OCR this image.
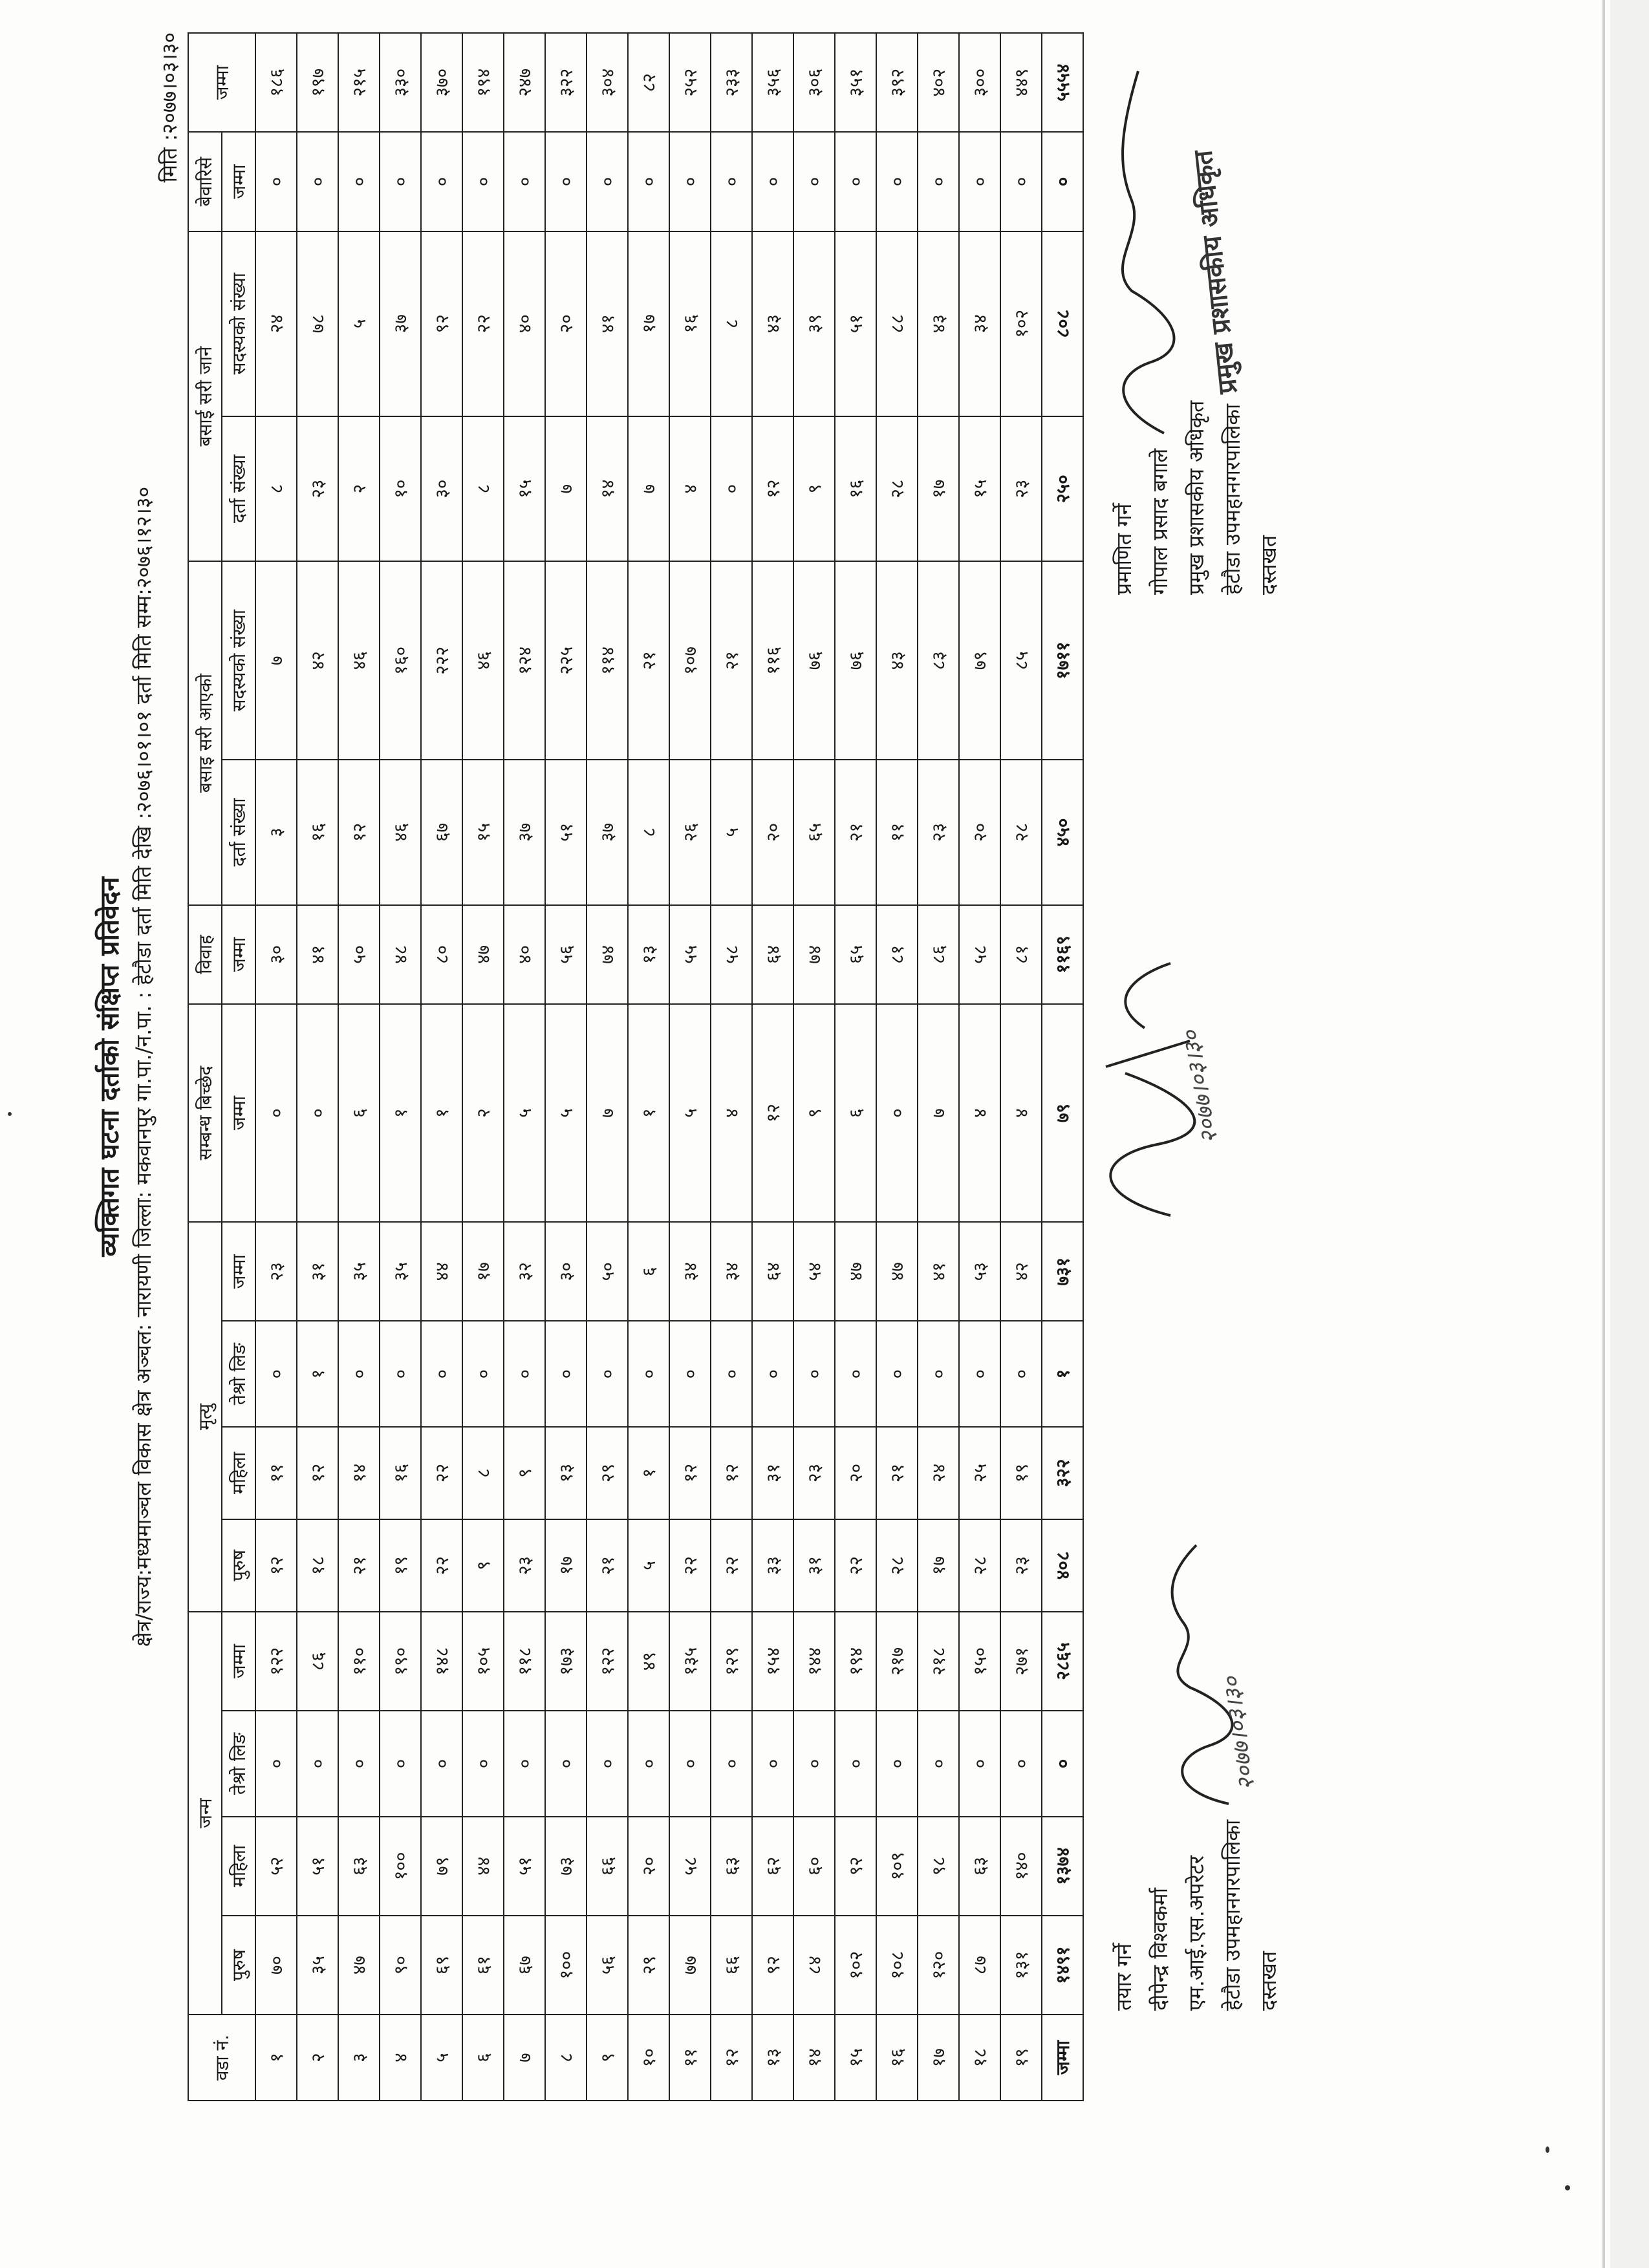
व्यक्तिगत घटना दर्ताको संक्षिप्त प्रतिवेदन क्षेत्र/राज्य:मध्यमाञ्चल विकास क्षेत्र अञ्चल: नारायणी जिल्ला: मकवानपुर गा.पा./न.पा. : हेटौडा दर्ता मिति देखि :२०७६।०१।०१ दर्ता मिति सम्म:२०७६।१२।३०
मिति :२०७७।०३।३०
वडा नं.	जन्म				मृत्यु				सम्बन्ध बिच्छेद	विवाह	बसाइ सरी आएको		बसाई सरी जाने		बेवारिसे	जम्मा
	पुरुष	महिला	तेश्रो लिङ	जम्मा	पुरुष	महिला	तेश्रो लिङ	जम्मा	जम्मा	जम्मा	दर्ता संख्या	सदस्यको संख्या	दर्ता संख्या	सदस्यको संख्या	जम्मा	
१	७०	५२	०	१२२	१२	११	०	२३	०	३०	३	७	८	२४	०	१८६
२	३५	५१	०	८६	१८	१२	१	३१	०	४१	१६	४२	२३	७८	०	१९७
३	४७	६३	०	११०	२१	१४	०	३५	६	५०	१२	४६	२	५	०	२१५
४	९०	१००	०	१९०	१९	१६	०	३५	१	४८	४६	१६०	१०	३७	०	३३०
५	६९	७९	०	१४८	२२	२२	०	४४	१	८०	६७	२२२	३०	९२	०	३७०
६	६१	४४	०	१०५	९	८	०	१७	२	४७	१५	४६	८	२२	०	१९४
७	६७	५१	०	११८	२३	९	०	३२	५	४०	३७	१२४	१५	४०	०	२४७
८	१००	७३	०	१७३	१७	१३	०	३०	५	५६	५१	२२५	७	२०	०	३२२
९	५६	६६	०	१२२	२१	२९	०	५०	७	७४	३७	११४	१४	४१	०	३०४
१०	२९	२०	०	४९	५	१	०	६	१	१३	८	२१	७	१७	०	८२
११	७७	५८	०	१३५	२२	१२	०	३४	५	५५	२६	१०७	४	१६	०	२५२
१२	६६	६३	०	१२९	२२	१२	०	३४	४	५८	५	२१	०	८	०	२३३
१३	९२	६२	०	१५४	३३	३१	०	६४	१२	६४	२०	११६	१२	४३	०	३५६
१४	८४	६०	०	१४४	३१	२३	०	५४	९	७४	६५	७६	९	३९	०	३०६
१५	१०२	९२	०	१९४	२२	२०	०	४७	६	६५	२१	७६	१६	५१	०	३५१
१६	१०८	१०९	०	२१७	२८	२१	०	४७	०	८१	११	४३	२८	८८	०	३९२
१७	१२०	९८	०	२१८	१७	२४	०	४१	७	८६	२३	८३	१७	४३	०	४०२
१८	८७	६३	०	१५०	२८	२५	०	५३	४	५८	२०	७९	१५	३४	०	३००
१९	१३१	१४०	०	२७१	२३	१९	०	४२	४	८१	२८	८५	२३	१०२	०	४४९
जम्मा	१४९१	१३७४	०	२८६५	४०८	३२२	१	७३१	७९	११६९	४५०	१७११	२५०	८०८	०	५५५४
तयार गर्ने दीपेन्द्र विश्वकर्मा एम.आई.एस.अपरेटर हेटौडा उपमहानगरपालिका दस्तखत
२०७७।०३।३०
२०७७।०३।३०
प्रमाणित गर्ने गोपाल प्रसाद बगाले प्रमुख प्रशासकीय अधिकृत हेटौडा उपमहानगरपालिका दस्तखत
प्रमुख प्रशासकीय अधिकृत
